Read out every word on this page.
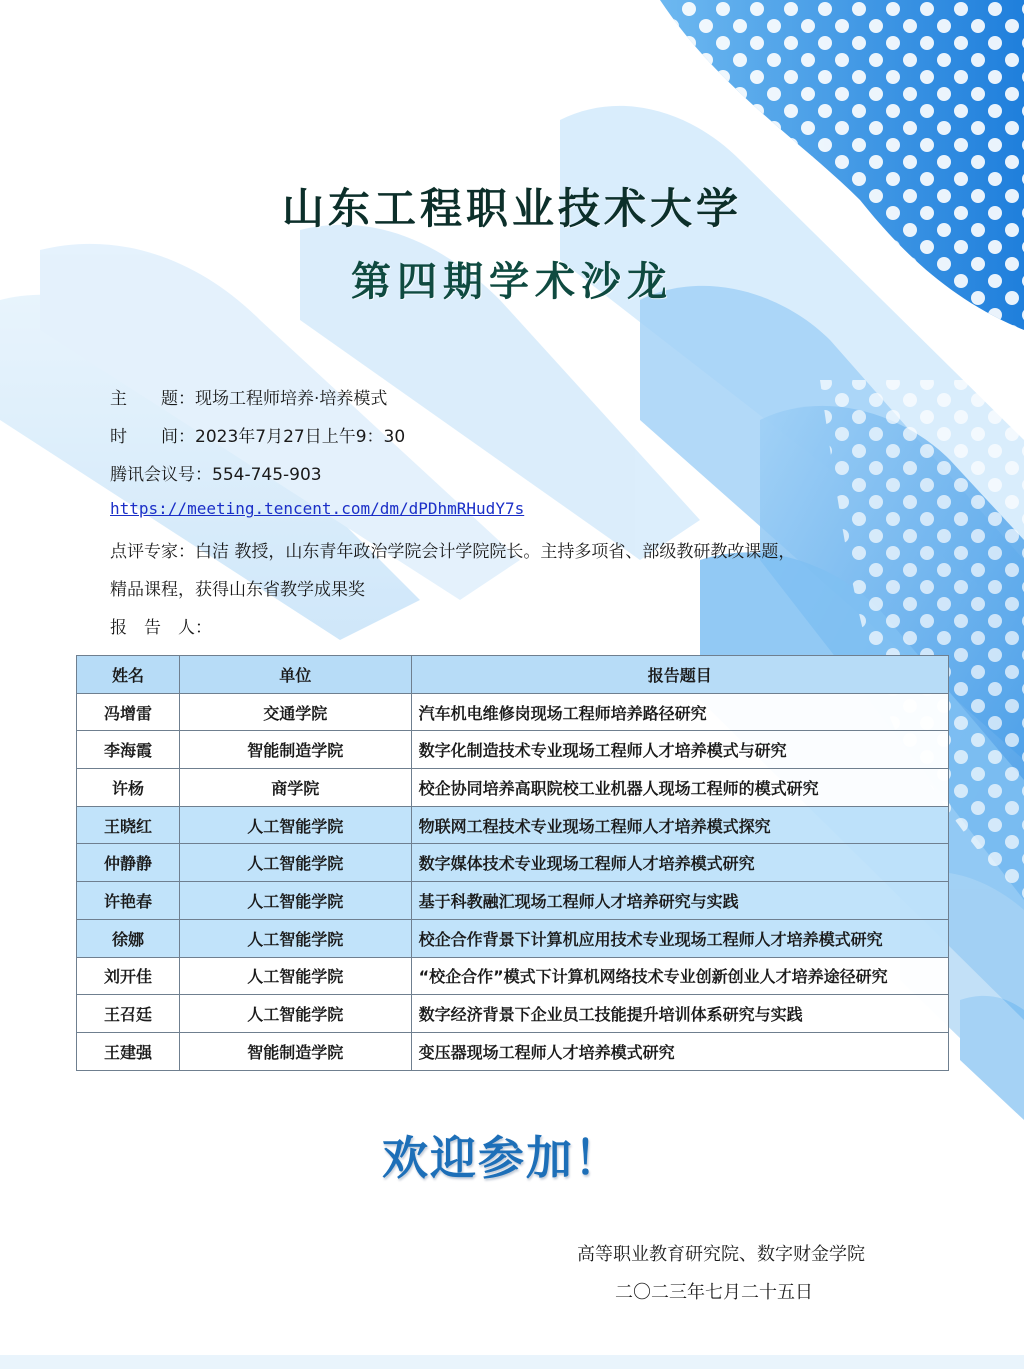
山东工程职业技术大学
第四期学术沙龙
主　　题：现场工程师培养·培养模式
时　　间：2023年7月27日上午9：30
腾讯会议号：554-745-903
https://meeting.tencent.com/dm/dPDhmRHudY7s
点评专家：白洁 教授，山东青年政治学院会计学院院长。主持多项省、部级教研教改课题，
精品课程，获得山东省教学成果奖
报　告　人：
姓名	单位	报告题目
冯增雷	交通学院	汽车机电维修岗现场工程师培养路径研究
李海霞	智能制造学院	数字化制造技术专业现场工程师人才培养模式与研究
许杨	商学院	校企协同培养高职院校工业机器人现场工程师的模式研究
王晓红	人工智能学院	物联网工程技术专业现场工程师人才培养模式探究
仲静静	人工智能学院	数字媒体技术专业现场工程师人才培养模式研究
许艳春	人工智能学院	基于科教融汇现场工程师人才培养研究与实践
徐娜	人工智能学院	校企合作背景下计算机应用技术专业现场工程师人才培养模式研究
刘开佳	人工智能学院	“校企合作”模式下计算机网络技术专业创新创业人才培养途径研究
王召廷	人工智能学院	数字经济背景下企业员工技能提升培训体系研究与实践
王建强	智能制造学院	变压器现场工程师人才培养模式研究
欢迎参加！
高等职业教育研究院、数字财金学院
二〇二三年七月二十五日
